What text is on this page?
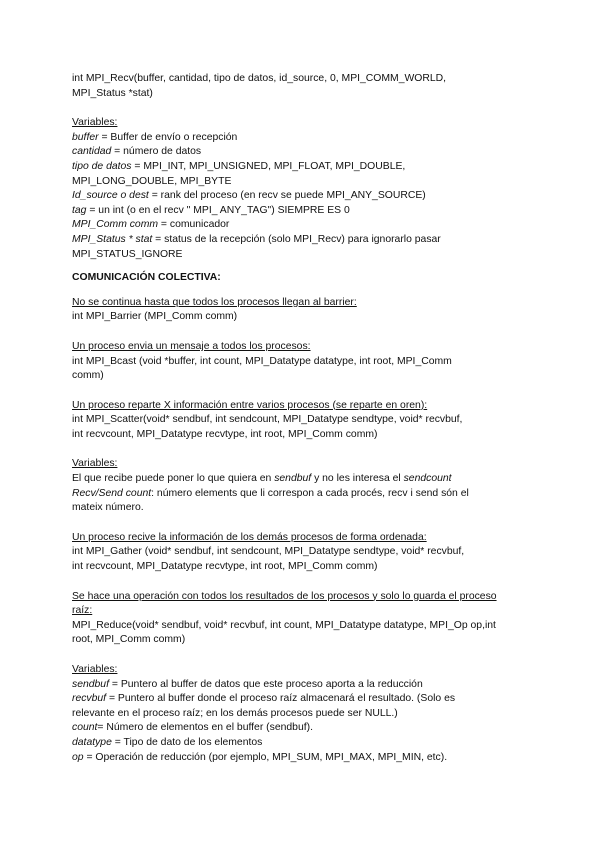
int MPI_Recv(buffer, cantidad, tipo de datos, id_source, 0, MPI_COMM_WORLD,
MPI_Status *stat)
Variables:
buffer = Buffer de envío o recepción
cantidad = número de datos
tipo de datos = MPI_INT, MPI_UNSIGNED, MPI_FLOAT, MPI_DOUBLE,
MPI_LONG_DOUBLE, MPI_BYTE
Id_source o dest = rank del proceso (en recv se puede MPI_ANY_SOURCE)
tag = un int (o en el recv " MPI_ ANY_TAG") SIEMPRE ES 0
MPI_Comm comm = comunicador
MPI_Status * stat = status de la recepción (solo MPI_Recv) para ignorarlo pasar
MPI_STATUS_IGNORE
COMUNICACIÓN COLECTIVA:
No se continua hasta que todos los procesos llegan al barrier:
int MPI_Barrier (MPI_Comm comm)
Un proceso envia un mensaje a todos los procesos:
int MPI_Bcast (void *buffer, int count, MPI_Datatype datatype, int root, MPI_Comm
comm)
Un proceso reparte X información entre varios procesos (se reparte en oren):
int MPI_Scatter(void* sendbuf, int sendcount, MPI_Datatype sendtype, void* recvbuf,
int recvcount, MPI_Datatype recvtype, int root, MPI_Comm comm)
Variables:
El que recibe puede poner lo que quiera en sendbuf y no les interesa el sendcount
Recv/Send count: número elements que li correspon a cada procés, recv i send són el
mateix número.
Un proceso recive la información de los demás procesos de forma ordenada:
int MPI_Gather (void* sendbuf, int sendcount, MPI_Datatype sendtype, void* recvbuf,
int recvcount, MPI_Datatype recvtype, int root, MPI_Comm comm)
Se hace una operación con todos los resultados de los procesos y solo lo guarda el proceso
raíz:
MPI_Reduce(void* sendbuf, void* recvbuf, int count, MPI_Datatype datatype, MPI_Op op,int
root, MPI_Comm comm)
Variables:
sendbuf = Puntero al buffer de datos que este proceso aporta a la reducción
recvbuf = Puntero al buffer donde el proceso raíz almacenará el resultado. (Solo es
relevante en el proceso raíz; en los demás procesos puede ser NULL.)
count= Número de elementos en el buffer (sendbuf).
datatype = Tipo de dato de los elementos
op = Operación de reducción (por ejemplo, MPI_SUM, MPI_MAX, MPI_MIN, etc).
